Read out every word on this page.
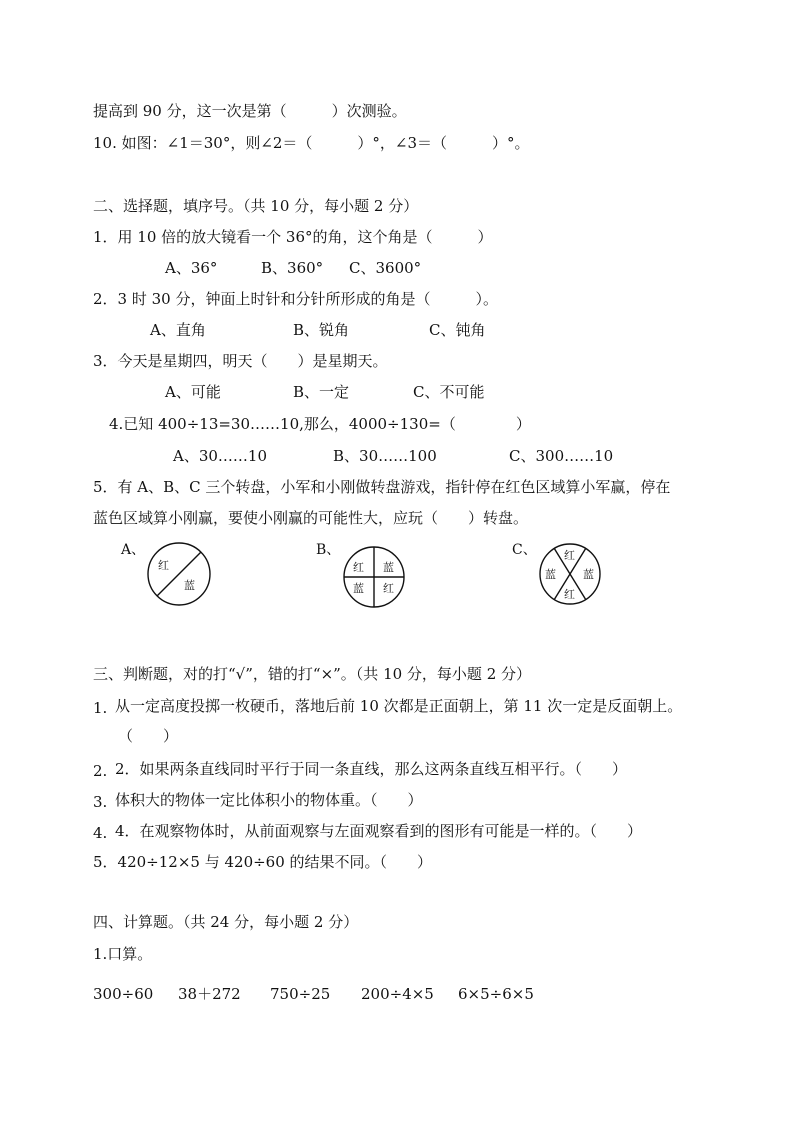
提高到 90 分，这一次是第（　　　）次测验。
10. 如图：∠1＝30°，则∠2＝（　　　）°，∠3＝（　　　）°。
二、选择题，填序号。（共 10 分，每小题 2 分）
1．用 10 倍的放大镜看一个 36°的角，这个角是（　　　）
A、36°	B、360° C、3600°
2．3 时 30 分，钟面上时针和分针所形成的角是（　　　）。
A、直角	B、锐角	C、钝角
3．今天是星期四，明天（　　）是星期天。
A、可能	B、一定	C、不可能
4.已知 400÷13=30……10,那么，4000÷130=（　　　　）
A、30……10	B、30……100	C、300……10
5．有 A、B、C 三个转盘，小军和小刚做转盘游戏，指针停在红色区域算小军赢，停在
蓝色区域算小刚赢，要使小刚赢的可能性大，应玩（　　）转盘。
A、
红
蓝
B、
红 蓝
蓝 红
C、 红
蓝 蓝
红
三、判断题，对的打“√”，错的打“×”。（共 10 分，每小题 2 分）
1. 从一定高度投掷一枚硬币，落地后前 10 次都是正面朝上，第 11 次一定是反面朝上。
（　　）
2. 2．如果两条直线同时平行于同一条直线，那么这两条直线互相平行。（　　）
3. 体积大的物体一定比体积小的物体重。（　　）
4. 4．在观察物体时，从前面观察与左面观察看到的图形有可能是一样的。（　　）
5．420÷12×5 与 420÷60 的结果不同。（　　）
四、计算题。（共 24 分，每小题 2 分）
1.口算。
300÷60 38＋272 750÷25 200÷4×5 6×5÷6×5
